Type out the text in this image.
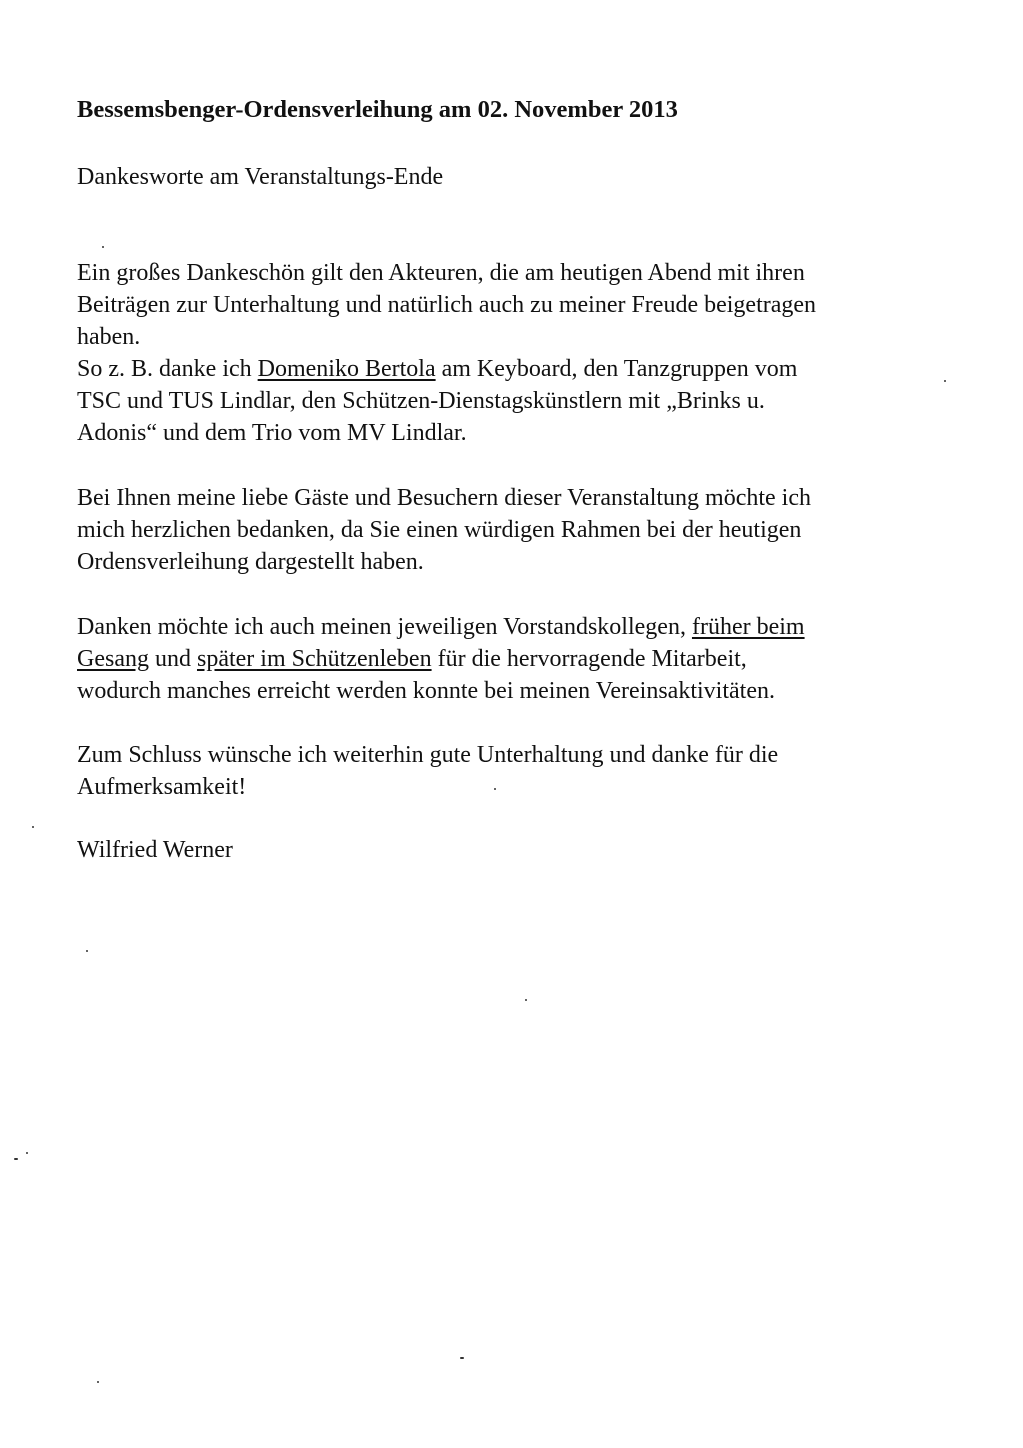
Bessemsbenger-Ordensverleihung am 02. November 2013

Dankesworte am Veranstaltungs-Ende

Ein großes Dankeschön gilt den Akteuren, die am heutigen Abend mit ihren
Beiträgen zur Unterhaltung und natürlich auch zu meiner Freude beigetragen
haben.
So z. B. danke ich Domeniko Bertola am Keyboard, den Tanzgruppen vom
TSC und TUS Lindlar, den Schützen-Dienstagskünstlern mit „Brinks u.
Adonis“ und dem Trio vom MV Lindlar.

Bei Ihnen meine liebe Gäste und Besuchern dieser Veranstaltung möchte ich
mich herzlichen bedanken, da Sie einen würdigen Rahmen bei der heutigen
Ordensverleihung dargestellt haben.

Danken möchte ich auch meinen jeweiligen Vorstandskollegen, früher beim
Gesang und später im Schützenleben für die hervorragende Mitarbeit,
wodurch manches erreicht werden konnte bei meinen Vereinsaktivitäten.

Zum Schluss wünsche ich weiterhin gute Unterhaltung und danke für die
Aufmerksamkeit!

Wilfried Werner
